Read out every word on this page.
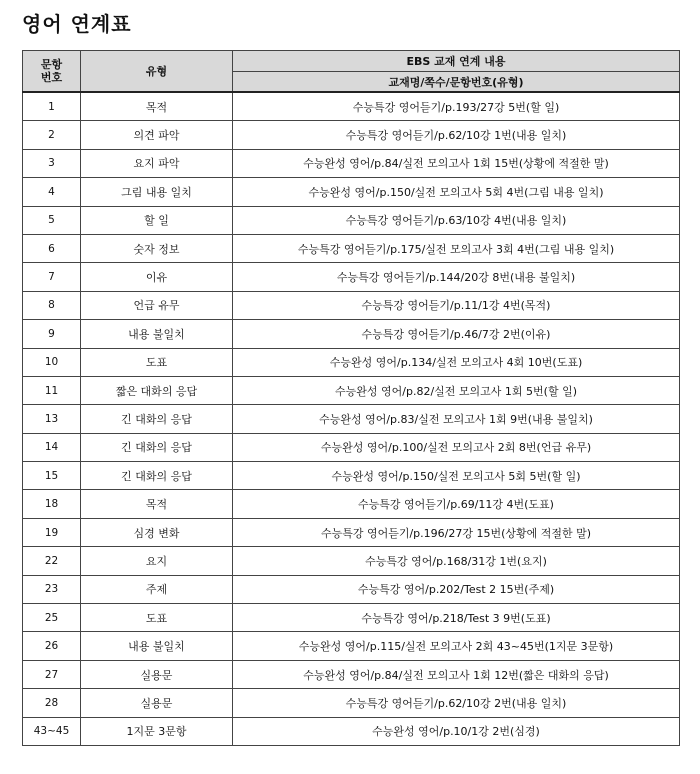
영어 연계표
문항
번호	유형	EBS 교재 연계 내용
		교재명/쪽수/문항번호(유형)
1	목적	수능특강 영어듣기/p.193/27강 5번(할 일)
2	의견 파악	수능특강 영어듣기/p.62/10강 1번(내용 일치)
3	요지 파악	수능완성 영어/p.84/실전 모의고사 1회 15번(상황에 적절한 말)
4	그림 내용 일치	수능완성 영어/p.150/실전 모의고사 5회 4번(그림 내용 일치)
5	할 일	수능특강 영어듣기/p.63/10강 4번(내용 일치)
6	숫자 정보	수능특강 영어듣기/p.175/실전 모의고사 3회 4번(그림 내용 일치)
7	이유	수능특강 영어듣기/p.144/20강 8번(내용 불일치)
8	언급 유무	수능특강 영어듣기/p.11/1강 4번(목적)
9	내용 불일치	수능특강 영어듣기/p.46/7강 2번(이유)
10	도표	수능완성 영어/p.134/실전 모의고사 4회 10번(도표)
11	짧은 대화의 응답	수능완성 영어/p.82/실전 모의고사 1회 5번(할 일)
13	긴 대화의 응답	수능완성 영어/p.83/실전 모의고사 1회 9번(내용 불일치)
14	긴 대화의 응답	수능완성 영어/p.100/실전 모의고사 2회 8번(언급 유무)
15	긴 대화의 응답	수능완성 영어/p.150/실전 모의고사 5회 5번(할 일)
18	목적	수능특강 영어듣기/p.69/11강 4번(도표)
19	심경 변화	수능특강 영어듣기/p.196/27강 15번(상황에 적절한 말)
22	요지	수능특강 영어/p.168/31강 1번(요지)
23	주제	수능특강 영어/p.202/Test 2 15번(주제)
25	도표	수능특강 영어/p.218/Test 3 9번(도표)
26	내용 불일치	수능완성 영어/p.115/실전 모의고사 2회 43~45번(1지문 3문항)
27	실용문	수능완성 영어/p.84/실전 모의고사 1회 12번(짧은 대화의 응답)
28	실용문	수능특강 영어듣기/p.62/10강 2번(내용 일치)
43~45	1지문 3문항	수능완성 영어/p.10/1강 2번(심경)
